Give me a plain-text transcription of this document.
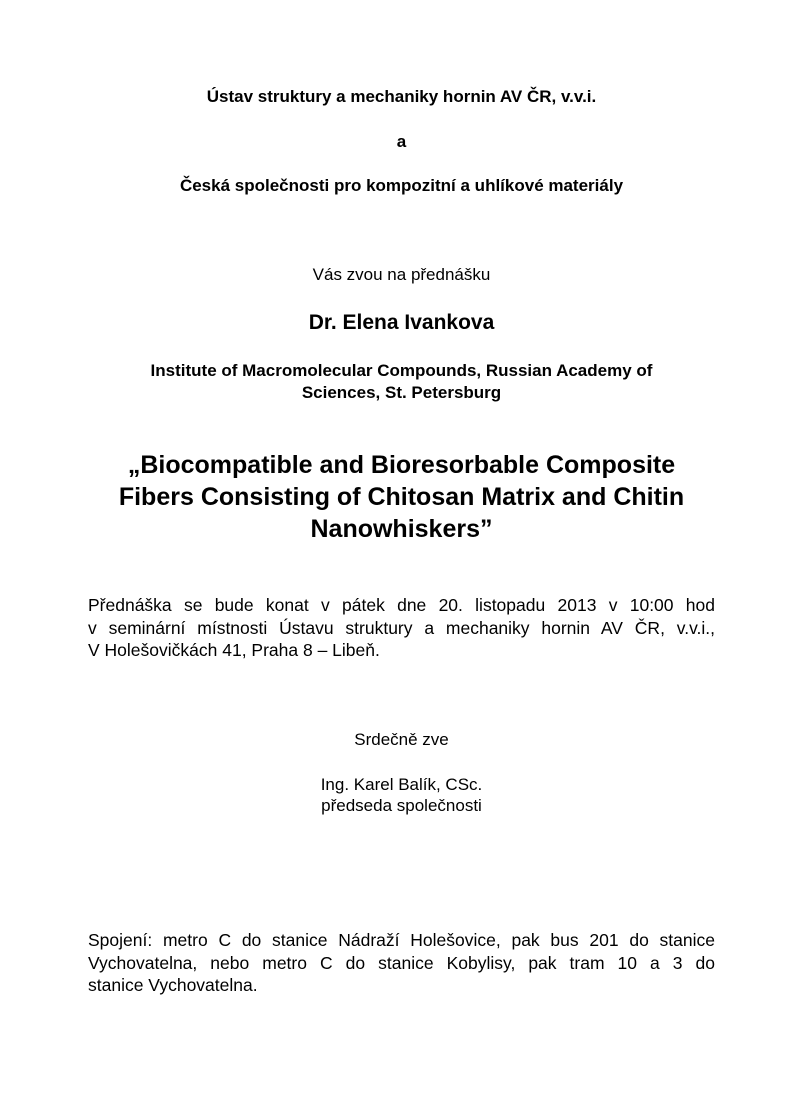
Ústav struktury a mechaniky hornin AV ČR, v.v.i.
a
Česká společnosti pro kompozitní a uhlíkové materiály
Vás zvou na přednášku
Dr. Elena Ivankova
Institute of Macromolecular Compounds, Russian Academy of
Sciences, St. Petersburg
„Biocompatible and Bioresorbable Composite
Fibers Consisting of Chitosan Matrix and Chitin
Nanowhiskers”
Přednáška se bude konat v pátek dne 20. listopadu 2013 v 10:00 hod
v seminární místnosti Ústavu struktury a mechaniky hornin AV ČR, v.v.i.,
V Holešovičkách 41, Praha 8 – Libeň.
Srdečně zve
Ing. Karel Balík, CSc.
předseda společnosti
Spojení: metro C do stanice Nádraží Holešovice, pak bus 201 do stanice
Vychovatelna, nebo metro C do stanice Kobylisy, pak tram 10 a 3 do
stanice Vychovatelna.
